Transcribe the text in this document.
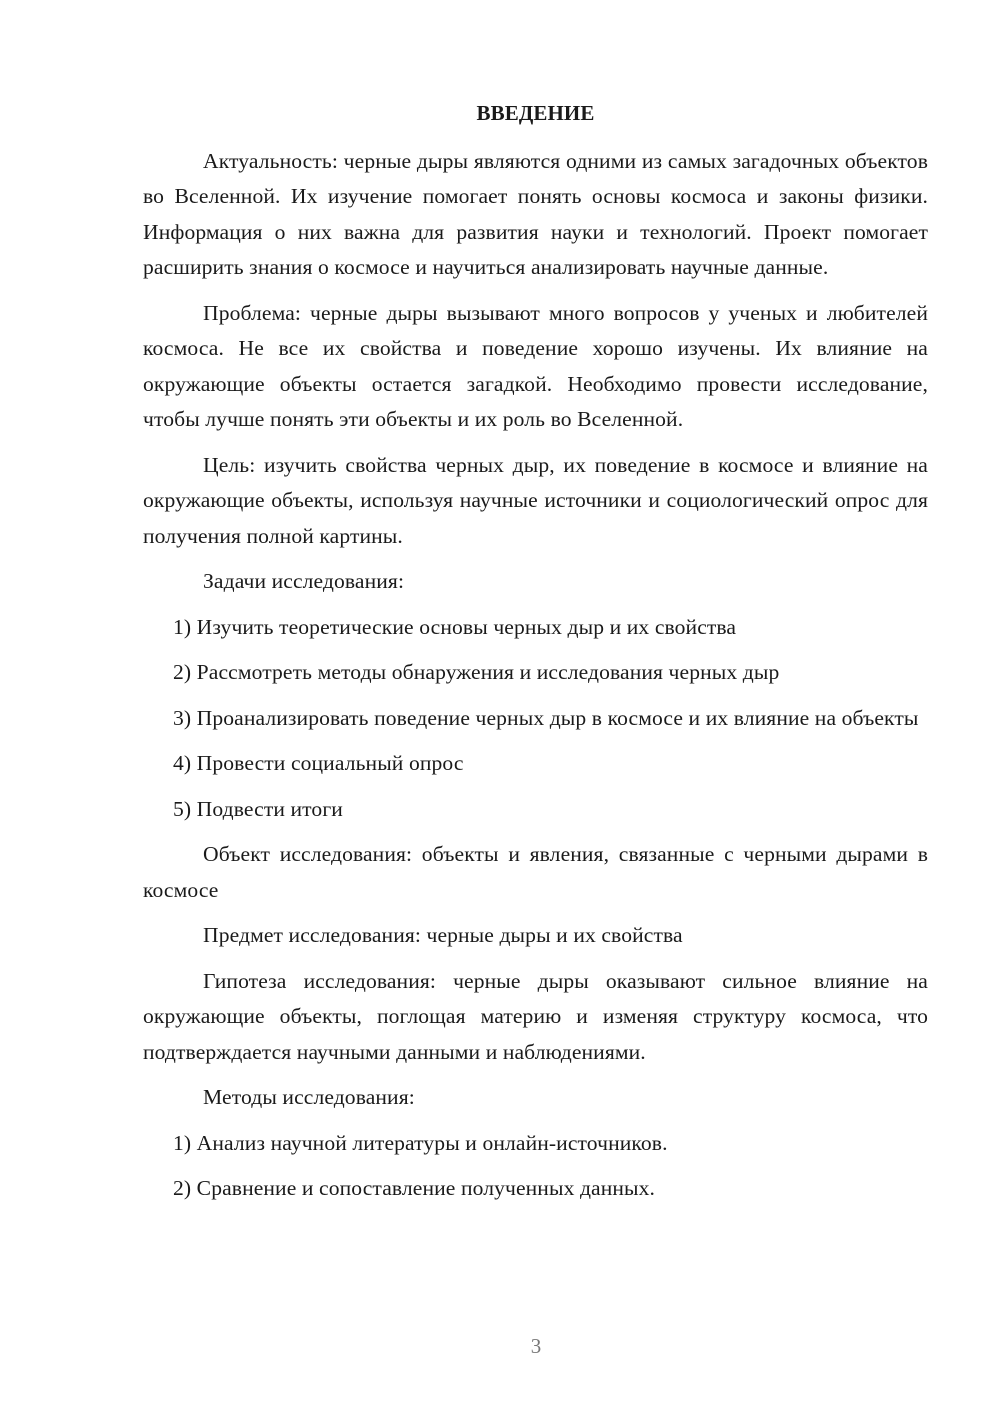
ВВЕДЕНИЕ

Актуальность: черные дыры являются одними из самых загадочных объектов во Вселенной. Их изучение помогает понять основы космоса и законы физики. Информация о них важна для развития науки и технологий. Проект помогает расширить знания о космосе и научиться анализировать научные данные.

Проблема: черные дыры вызывают много вопросов у ученых и любителей космоса. Не все их свойства и поведение хорошо изучены. Их влияние на окружающие объекты остается загадкой. Необходимо провести исследование, чтобы лучше понять эти объекты и их роль во Вселенной.

Цель: изучить свойства черных дыр, их поведение в космосе и влияние на окружающие объекты, используя научные источники и социологический опрос для получения полной картины.

Задачи исследования:

1) Изучить теоретические основы черных дыр и их свойства

2) Рассмотреть методы обнаружения и исследования черных дыр

3) Проанализировать поведение черных дыр в космосе и их влияние на объекты

4) Провести социальный опрос

5) Подвести итоги

Объект исследования: объекты и явления, связанные с черными дырами в космосе

Предмет исследования: черные дыры и их свойства

Гипотеза исследования: черные дыры оказывают сильное влияние на окружающие объекты, поглощая материю и изменяя структуру космоса, что подтверждается научными данными и наблюдениями.

Методы исследования:

1) Анализ научной литературы и онлайн-источников.

2) Сравнение и сопоставление полученных данных.

3
